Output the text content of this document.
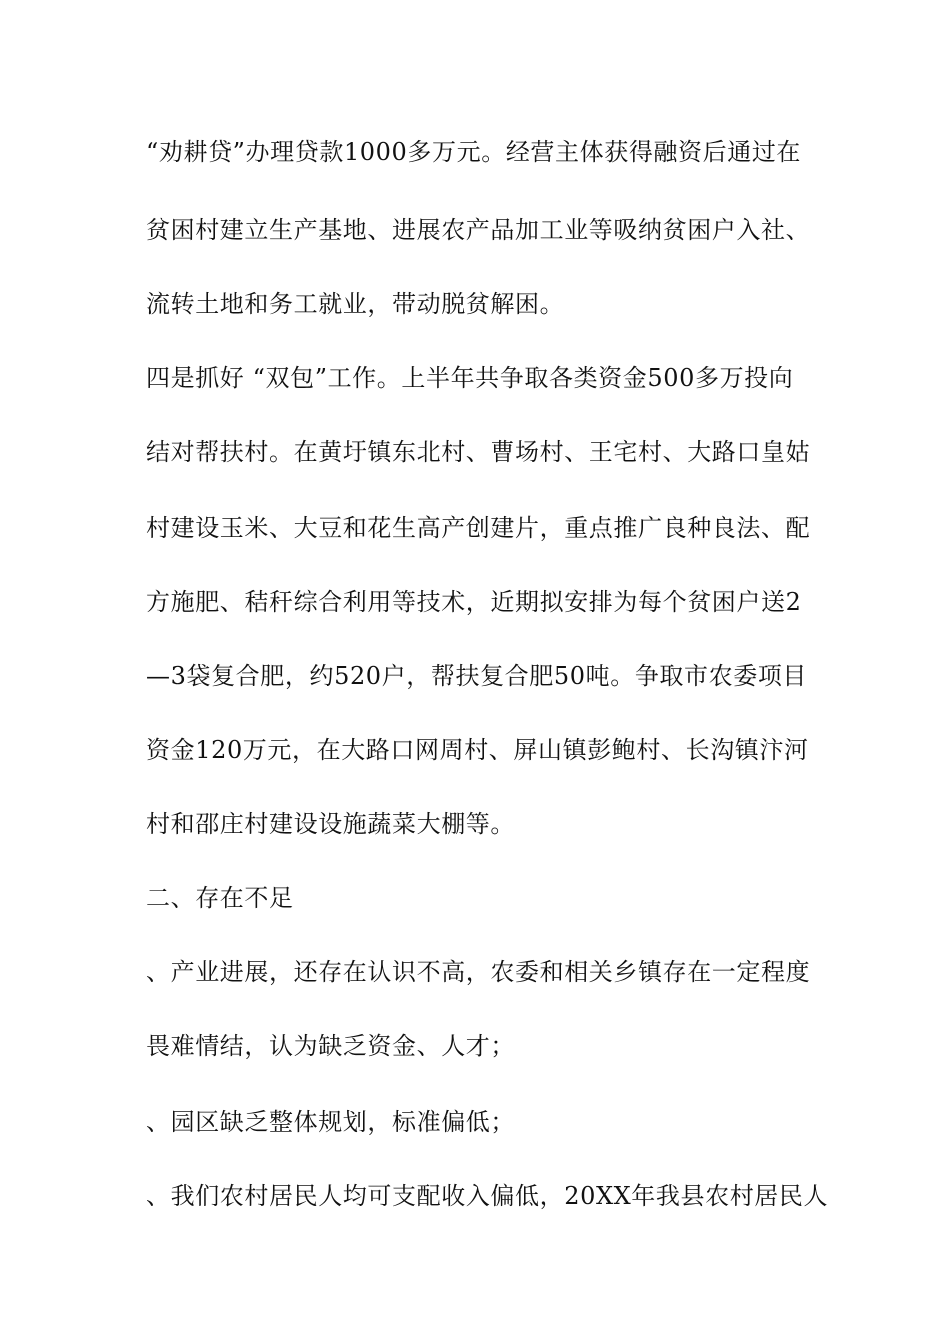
“劝耕贷”办理贷款1000多万元。经营主体获得融资后通过在
贫困村建立生产基地、进展农产品加工业等吸纳贫困户入社、
流转土地和务工就业，带动脱贫解困。
四是抓好 “双包”工作。上半年共争取各类资金500多万投向
结对帮扶村。在黄圩镇东北村、曹场村、王宅村、大路口皇姑
村建设玉米、大豆和花生高产创建片，重点推广良种良法、配
方施肥、秸秆综合利用等技术，近期拟安排为每个贫困户送2
—3袋复合肥，约520户，帮扶复合肥50吨。争取市农委项目
资金120万元，在大路口网周村、屏山镇彭鲍村、长沟镇汴河
村和邵庄村建设设施蔬菜大棚等。
二、存在不足
、产业进展，还存在认识不高，农委和相关乡镇存在一定程度
畏难情结，认为缺乏资金、人才；
、园区缺乏整体规划，标准偏低；
、我们农村居民人均可支配收入偏低，20XX年我县农村居民人
